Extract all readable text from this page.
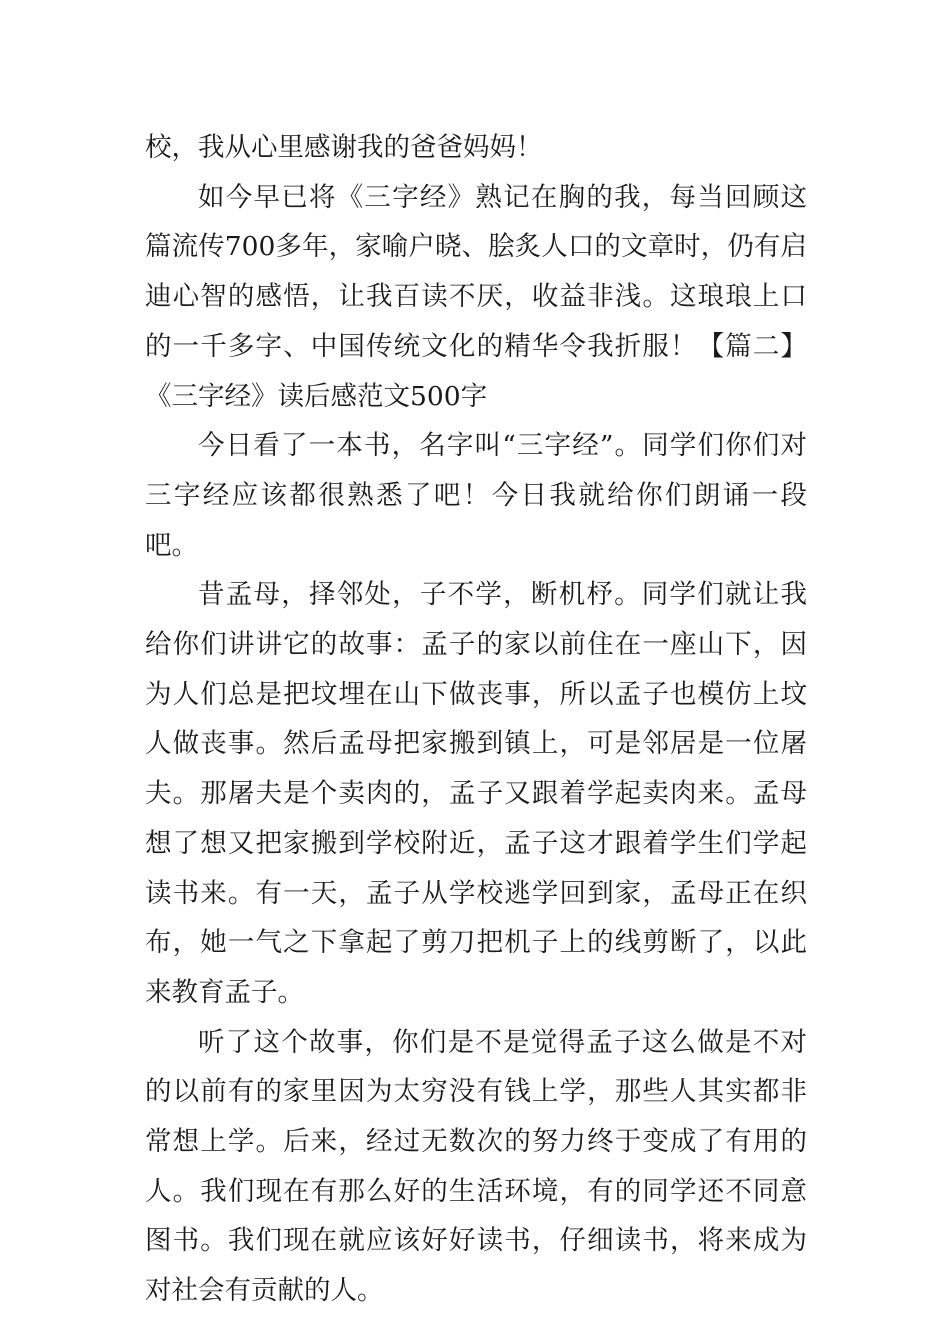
校，我从心里感谢我的爸爸妈妈！

如今早已将《三字经》熟记在胸的我，每当回顾这篇流传700多年，家喻户晓、脍炙人口的文章时，仍有启迪心智的感悟，让我百读不厌，收益非浅。这琅琅上口的一千多字、中国传统文化的精华令我折服！【篇二】《三字经》读后感范文500字

今日看了一本书，名字叫“三字经”。同学们你们对三字经应该都很熟悉了吧！今日我就给你们朗诵一段吧。

昔孟母，择邻处，子不学，断机杼。同学们就让我给你们讲讲它的故事：孟子的家以前住在一座山下，因为人们总是把坟埋在山下做丧事，所以孟子也模仿上坟人做丧事。然后孟母把家搬到镇上，可是邻居是一位屠夫。那屠夫是个卖肉的，孟子又跟着学起卖肉来。孟母想了想又把家搬到学校附近，孟子这才跟着学生们学起读书来。有一天，孟子从学校逃学回到家，孟母正在织布，她一气之下拿起了剪刀把机子上的线剪断了，以此来教育孟子。

听了这个故事，你们是不是觉得孟子这么做是不对的以前有的家里因为太穷没有钱上学，那些人其实都非常想上学。后来，经过无数次的努力终于变成了有用的人。我们现在有那么好的生活环境，有的同学还不同意图书。我们现在就应该好好读书，仔细读书，将来成为对社会有贡献的人。
